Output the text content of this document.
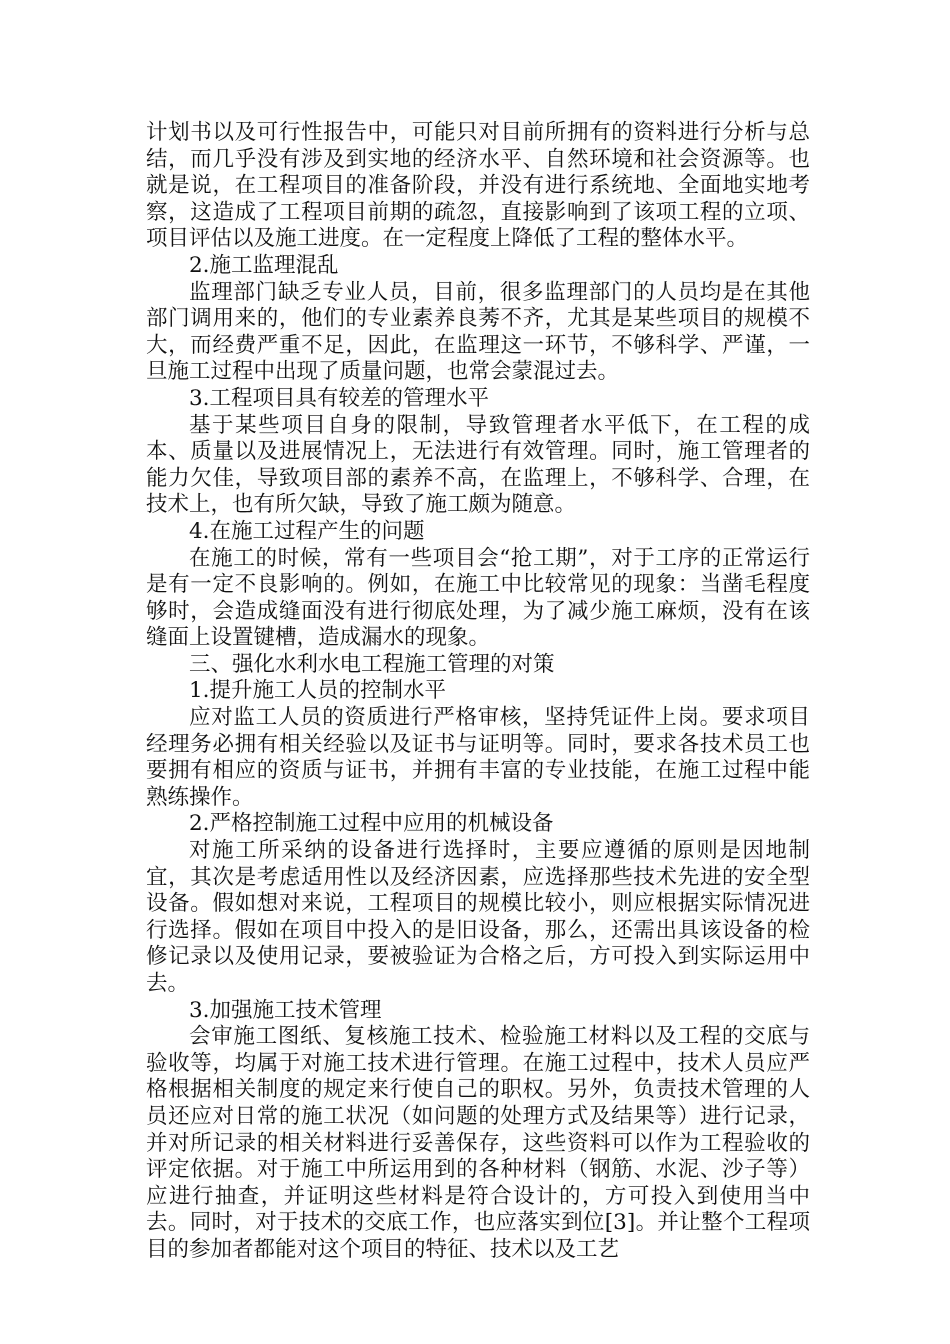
计划书以及可行性报告中，可能只对目前所拥有的资料进行分析与总结，而几乎没有涉及到实地的经济水平、自然环境和社会资源等。也就是说，在工程项目的准备阶段，并没有进行系统地、全面地实地考察，这造成了工程项目前期的疏忽，直接影响到了该项工程的立项、项目评估以及施工进度。在一定程度上降低了工程的整体水平。

2.施工监理混乱

监理部门缺乏专业人员，目前，很多监理部门的人员均是在其他部门调用来的，他们的专业素养良莠不齐，尤其是某些项目的规模不大，而经费严重不足，因此，在监理这一环节，不够科学、严谨，一旦施工过程中出现了质量问题，也常会蒙混过去。

3.工程项目具有较差的管理水平

基于某些项目自身的限制，导致管理者水平低下，在工程的成本、质量以及进展情况上，无法进行有效管理。同时，施工管理者的能力欠佳，导致项目部的素养不高，在监理上，不够科学、合理，在技术上，也有所欠缺，导致了施工颇为随意。

4.在施工过程产生的问题

在施工的时候，常有一些项目会“抢工期”，对于工序的正常运行是有一定不良影响的。例如，在施工中比较常见的现象：当凿毛程度够时，会造成缝面没有进行彻底处理，为了减少施工麻烦，没有在该缝面上设置键槽，造成漏水的现象。

三、强化水利水电工程施工管理的对策

1.提升施工人员的控制水平

应对监工人员的资质进行严格审核，坚持凭证件上岗。要求项目经理务必拥有相关经验以及证书与证明等。同时，要求各技术员工也要拥有相应的资质与证书，并拥有丰富的专业技能，在施工过程中能熟练操作。

2.严格控制施工过程中应用的机械设备

对施工所采纳的设备进行选择时，主要应遵循的原则是因地制宜，其次是考虑适用性以及经济因素，应选择那些技术先进的安全型设备。假如想对来说，工程项目的规模比较小，则应根据实际情况进行选择。假如在项目中投入的是旧设备，那么，还需出具该设备的检修记录以及使用记录，要被验证为合格之后，方可投入到实际运用中去。

3.加强施工技术管理

会审施工图纸、复核施工技术、检验施工材料以及工程的交底与验收等，均属于对施工技术进行管理。在施工过程中，技术人员应严格根据相关制度的规定来行使自己的职权。另外，负责技术管理的人员还应对日常的施工状况（如问题的处理方式及结果等）进行记录，并对所记录的相关材料进行妥善保存，这些资料可以作为工程验收的评定依据。对于施工中所运用到的各种材料（钢筋、水泥、沙子等）应进行抽查，并证明这些材料是符合设计的，方可投入到使用当中去。同时，对于技术的交底工作，也应落实到位[3]。并让整个工程项目的参加者都能对这个项目的特征、技术以及工艺
